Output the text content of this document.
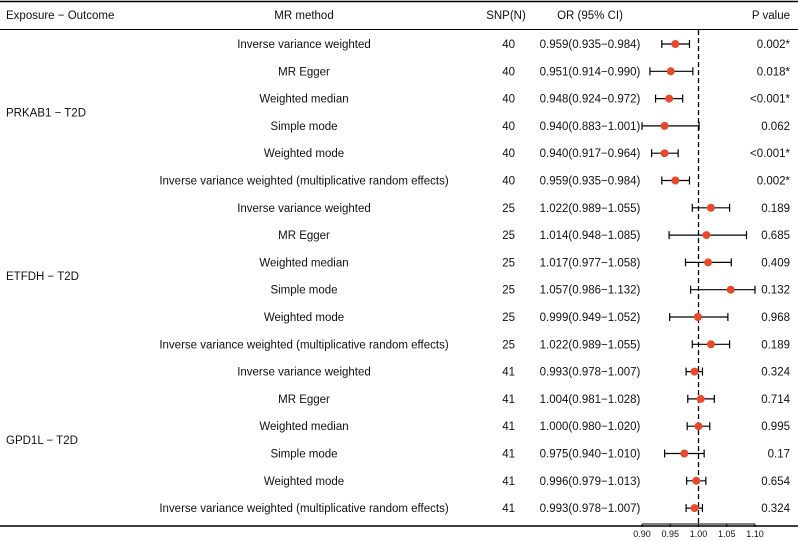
Exposure − Outcome	MR method	SNP(N)	OR (95% CI)	P value
PRKAB1 − T2D
Inverse variance weighted	40 0.959(0.935−0.984)	0.002*
MR Egger	40 0.951(0.914−0.990)	0.018*
Weighted median	40 0.948(0.924−0.972)	<0.001*
Simple mode	40 0.940(0.883−1.001)	0.062
Weighted mode	40 0.940(0.917−0.964)	<0.001*
Inverse variance weighted (multiplicative random effects)	40 0.959(0.935−0.984)	0.002*
ETFDH − T2D
Inverse variance weighted	25 1.022(0.989−1.055)	0.189
MR Egger	25 1.014(0.948−1.085)	0.685
Weighted median	25 1.017(0.977−1.058)	0.409
Simple mode	25 1.057(0.986−1.132)	0.132
Weighted mode	25 0.999(0.949−1.052)	0.968
Inverse variance weighted (multiplicative random effects)	25 1.022(0.989−1.055)	0.189
GPD1L − T2D
Inverse variance weighted	41 0.993(0.978−1.007)	0.324
MR Egger	41 1.004(0.981−1.028)	0.714
Weighted median	41 1.000(0.980−1.020)	0.995
Simple mode	41 0.975(0.940−1.010)	0.17
Weighted mode	41 0.996(0.979−1.013)	0.654
Inverse variance weighted (multiplicative random effects)	41 0.993(0.978−1.007)	0.324
0.90 0.95 1.00 1.05 1.10
